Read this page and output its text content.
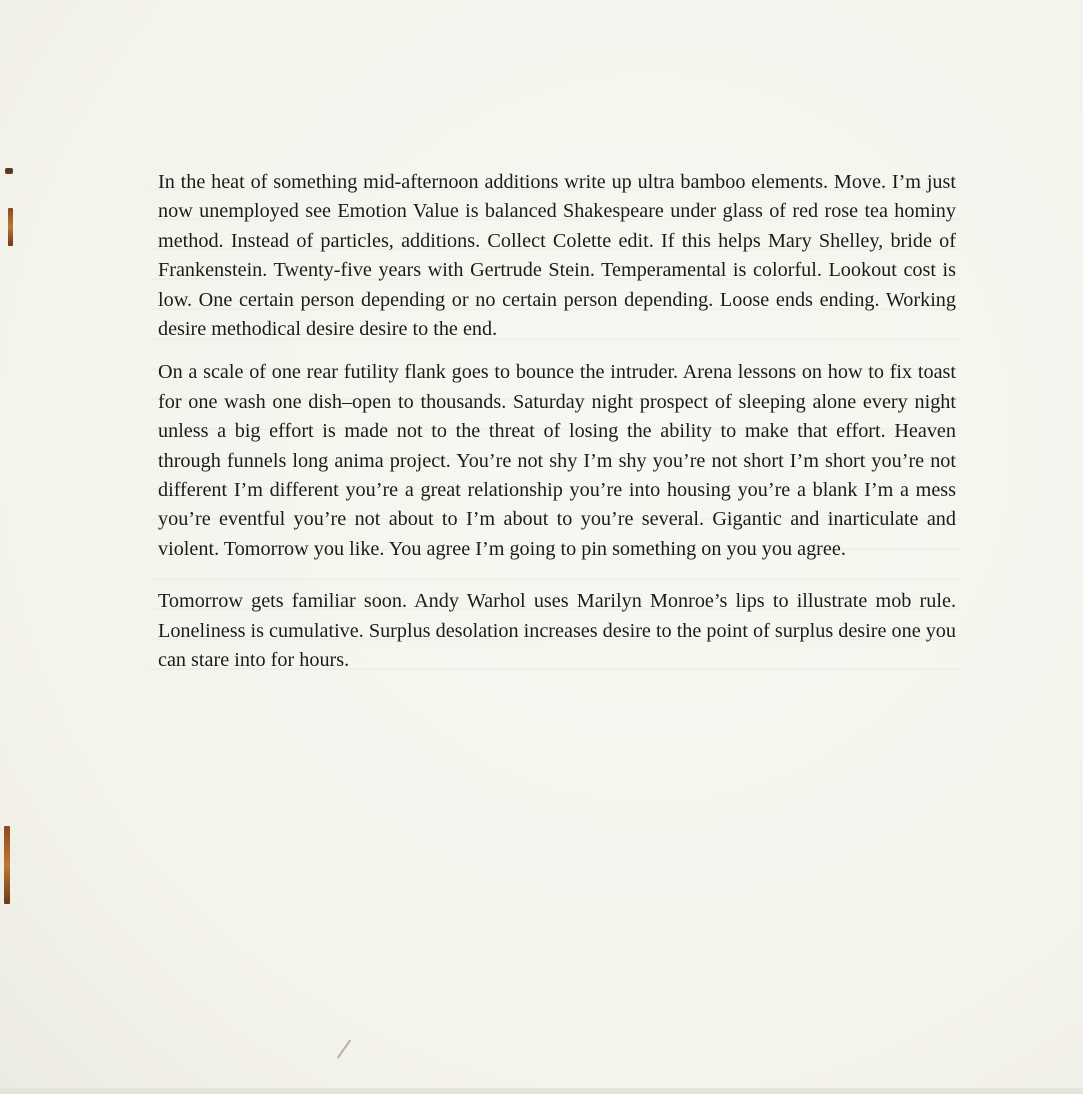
In the heat of something mid-afternoon additions write up ultra bamboo elements. Move. I’m just now unemployed see Emotion Value is balanced Shakespeare under glass of red rose tea hominy method. Instead of particles, additions. Collect Colette edit. If this helps Mary Shelley, bride of Frankenstein. Twenty-five years with Gertrude Stein. Temperamental is colorful. Lookout cost is low. One certain person depending or no certain person depending. Loose ends ending. Working desire methodical desire desire to the end.

On a scale of one rear futility flank goes to bounce the intruder. Arena lessons on how to fix toast for one wash one dish–open to thousands. Saturday night prospect of sleeping alone every night unless a big effort is made not to the threat of losing the ability to make that effort. Heaven through funnels long anima project. You’re not shy I’m shy you’re not short I’m short you’re not different I’m different you’re a great relationship you’re into housing you’re a blank I’m a mess you’re eventful you’re not about to I’m about to you’re several. Gigantic and inarticulate and violent. Tomorrow you like. You agree I’m going to pin something on you you agree.

Tomorrow gets familiar soon. Andy Warhol uses Marilyn Monroe’s lips to illustrate mob rule. Loneliness is cumulative. Surplus desolation increases desire to the point of surplus desire one you can stare into for hours.
